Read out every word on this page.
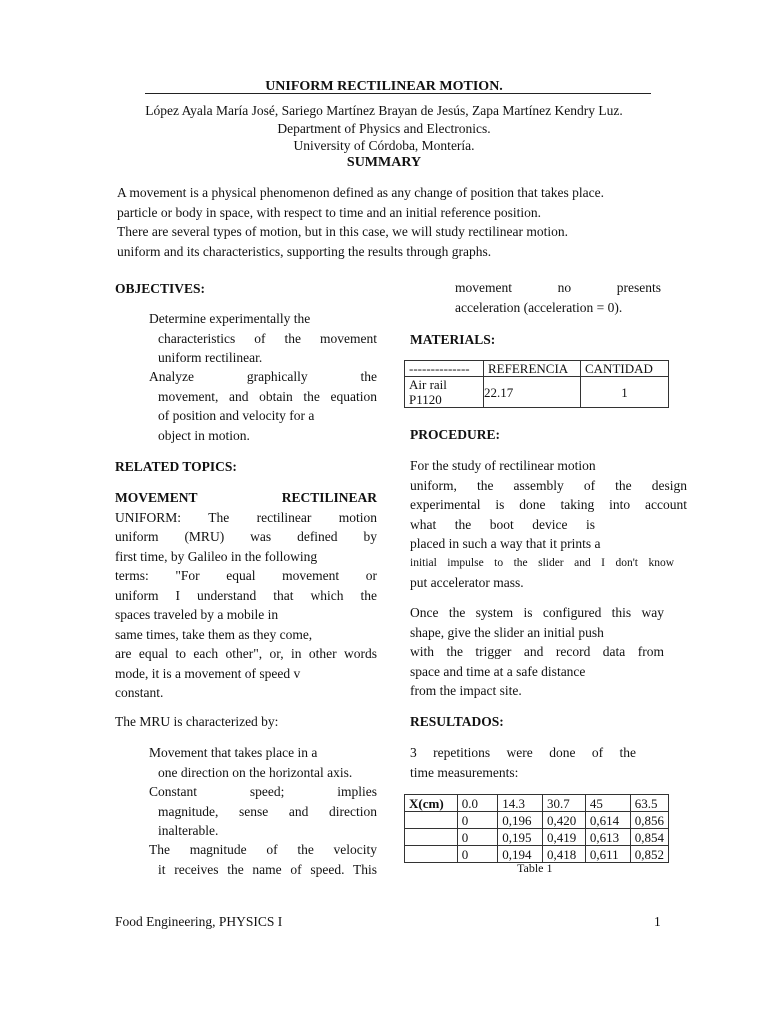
UNIFORM RECTILINEAR MOTION.
López Ayala María José, Sariego Martínez Brayan de Jesús, Zapa Martínez Kendry Luz.
Department of Physics and Electronics.
University of Córdoba, Montería.
SUMMARY
A movement is a physical phenomenon defined as any change of position that takes place.
particle or body in space, with respect to time and an initial reference position.
There are several types of motion, but in this case, we will study rectilinear motion.
uniform and its characteristics, supporting the results through graphs.
OBJECTIVES:
Determine experimentally the
characteristics of the movement
uniform rectilinear.
Analyze graphically the
movement, and obtain the equation
of position and velocity for a
object in motion.
RELATED TOPICS:
MOVEMENT RECTILINEAR
UNIFORM: The rectilinear motion
uniform (MRU) was defined by
first time, by Galileo in the following
terms: "For equal movement or
uniform I understand that which the
spaces traveled by a mobile in
same times, take them as they come,
are equal to each other", or, in other words
mode, it is a movement of speed v
constant.
The MRU is characterized by:
Movement that takes place in a
one direction on the horizontal axis.
Constant speed; implies
magnitude, sense and direction
inalterable.
The magnitude of the velocity
it receives the name of speed. This
movement no presents
acceleration (acceleration = 0).
MATERIALS:
--------------	REFERENCIA	CANTIDAD
Air rail P1120	22.17	1
PROCEDURE:
For the study of rectilinear motion
uniform, the assembly of the design
experimental is done taking into account
what the boot device is
placed in such a way that it prints a
initial impulse to the slider and I don't know
put accelerator mass.
Once the system is configured this way
shape, give the slider an initial push
with the trigger and record data from
space and time at a safe distance
from the impact site.
RESULTADOS:
3 repetitions were done of the
time measurements:
X(cm)	0.0	14.3	30.7	45	63.5
	0	0,196	0,420	0,614	0,856
	0	0,195	0,419	0,613	0,854
	0	0,194	0,418	0,611	0,852
Table 1
Food Engineering, PHYSICS I	1
